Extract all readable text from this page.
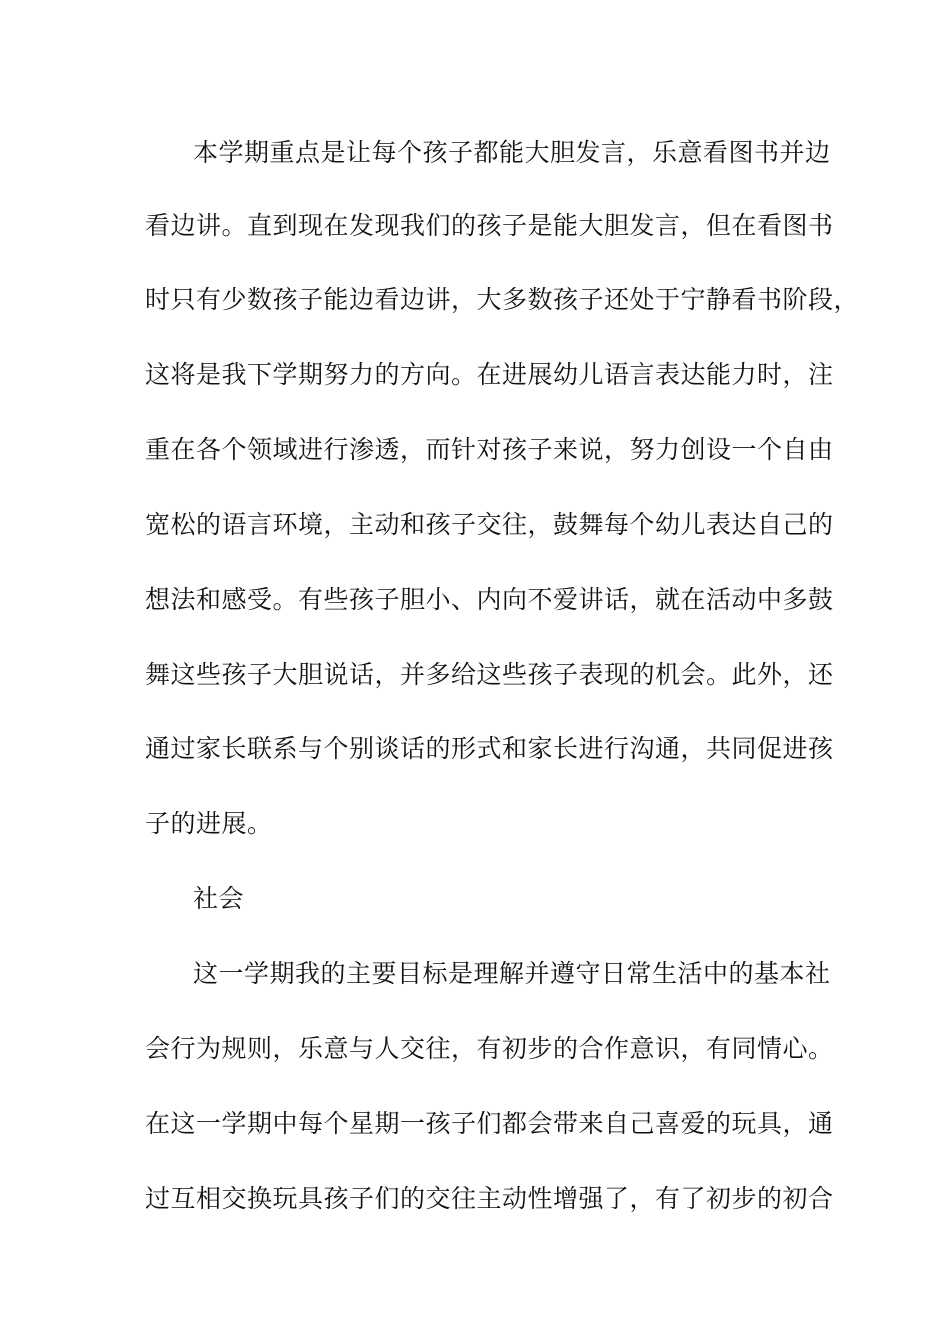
本学期重点是让每个孩子都能大胆发言，乐意看图书并边
看边讲。直到现在发现我们的孩子是能大胆发言，但在看图书
时只有少数孩子能边看边讲，大多数孩子还处于宁静看书阶段，
这将是我下学期努力的方向。在进展幼儿语言表达能力时，注
重在各个领域进行渗透，而针对孩子来说，努力创设一个自由
宽松的语言环境，主动和孩子交往，鼓舞每个幼儿表达自己的
想法和感受。有些孩子胆小、内向不爱讲话，就在活动中多鼓
舞这些孩子大胆说话，并多给这些孩子表现的机会。此外，还
通过家长联系与个别谈话的形式和家长进行沟通，共同促进孩
子的进展。
社会
这一学期我的主要目标是理解并遵守日常生活中的基本社
会行为规则，乐意与人交往，有初步的合作意识，有同情心。
在这一学期中每个星期一孩子们都会带来自己喜爱的玩具，通
过互相交换玩具孩子们的交往主动性增强了，有了初步的初合
